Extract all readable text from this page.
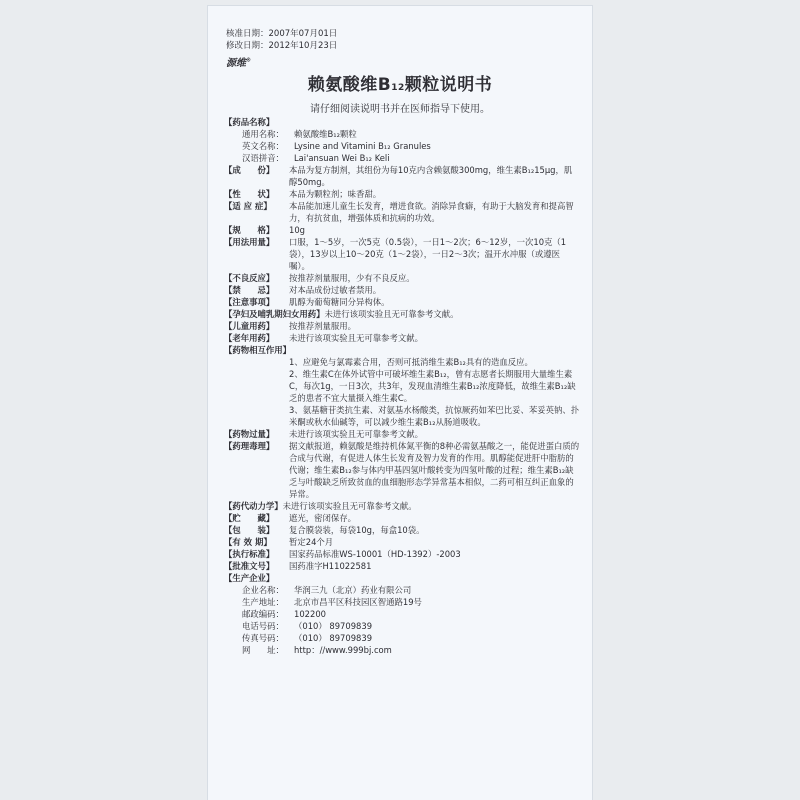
核准日期：2007年07月01日
修改日期：2012年10月23日
源维®
赖氨酸维B12颗粒说明书
请仔细阅读说明书并在医师指导下使用。
【药品名称】
通用名称：	赖氨酸维B₁₂颗粒
英文名称：	Lysine and Vitamini B₁₂ Granules
汉语拼音：	Lai'ansuan Wei B₁₂ Keli
【成　　份】	本品为复方制剂，其组份为每10克内含赖氨酸300mg，维生素B₁₂15μg，肌醇50mg。
【性　　状】	本品为颗粒剂；味香甜。
【适 应 症】	本品能加速儿童生长发育，增进食欲。消除异食癖，有助于大脑发育和提高智力，有抗贫血，增强体质和抗病的功效。
【规　　格】	10g
【用法用量】	口服，1～5岁，一次5克（0.5袋），一日1～2次；6～12岁，一次10克（1袋），13岁以上10～20克（1～2袋），一日2～3次；温开水冲服（或遵医嘱）。
【不良反应】	按推荐剂量服用，少有不良反应。
【禁　　忌】	对本品成份过敏者禁用。
【注意事项】	肌醇为葡萄糖同分异构体。
【孕妇及哺乳期妇女用药】 未进行该项实验且无可靠参考文献。
【儿童用药】	按推荐剂量服用。
【老年用药】	未进行该项实验且无可靠参考文献。
【药物相互作用】
1、应避免与氯霉素合用，否则可抵消维生素B₁₂具有的造血反应。
2、维生素C在体外试管中可破坏维生素B₁₂，曾有志愿者长期服用大量维生素C，每次1g，一日3次，共3年，发现血清维生素B₁₂浓度降低，故维生素B₁₂缺乏的患者不宜大量摄入维生素C。
3、氨基糖苷类抗生素、对氨基水杨酸类，抗惊厥药如苯巴比妥、苯妥英钠、扑米酮或秋水仙碱等，可以减少维生素B₁₂从肠道吸收。
【药物过量】	未进行该项实验且无可靠参考文献。
【药理毒理】	据文献报道，赖氨酸是维持机体氮平衡的8种必需氨基酸之一，能促进蛋白质的合成与代谢，有促进人体生长发育及智力发育的作用。肌醇能促进肝中脂肪的代谢；维生素B₁₂参与体内甲基四氢叶酸转变为四氢叶酸的过程；维生素B₁₂缺乏与叶酸缺乏所致贫血的血细胞形态学异常基本相似，二药可相互纠正血象的异常。
【药代动力学】 未进行该项实验且无可靠参考文献。
【贮　　藏】	遮光，密闭保存。
【包　　装】	复合膜袋装，每袋10g，每盒10袋。
【有 效 期】	暂定24个月
【执行标准】	国家药品标准WS-10001（HD-1392）-2003
【批准文号】	国药准字H11022581
【生产企业】
企业名称：	华润三九（北京）药业有限公司
生产地址：	北京市昌平区科技园区智通路19号
邮政编码：	102200
电话号码：	（010） 89709839
传真号码：	（010） 89709839
网　　址：	http：//www.999bj.com
